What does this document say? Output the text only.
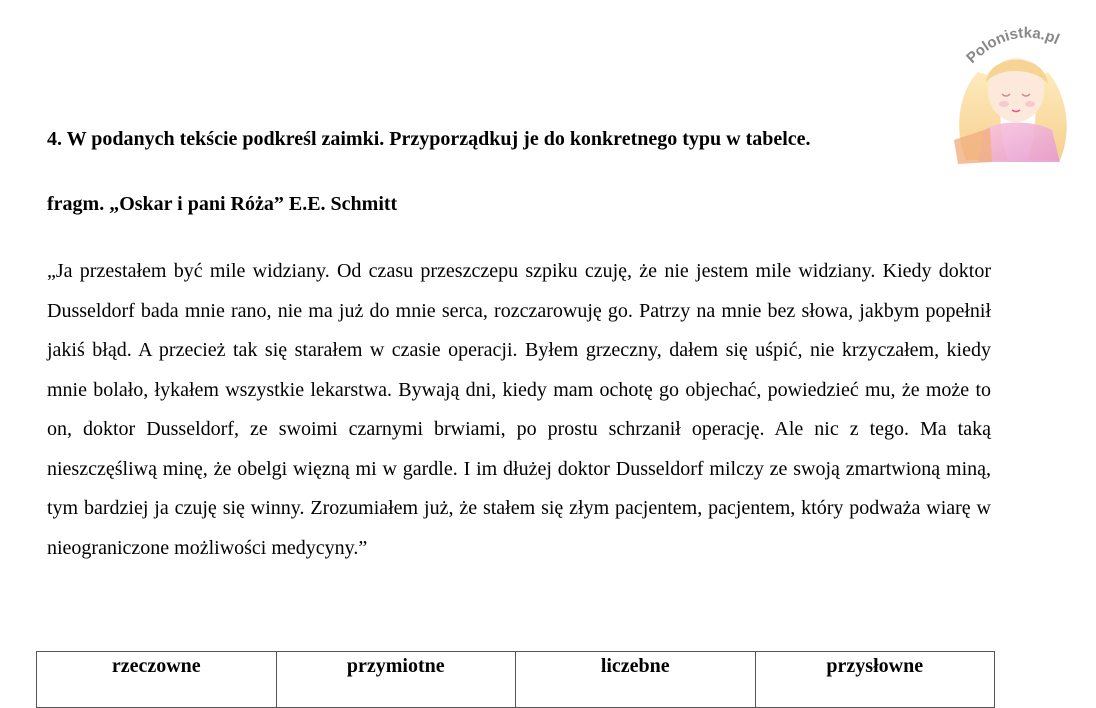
Polonistka.pl

4. W podanych tekście podkreśl zaimki. Przyporządkuj je do konkretnego typu w tabelce.

fragm. „Oskar i pani Róża” E.E. Schmitt

„Ja przestałem być mile widziany. Od czasu przeszczepu szpiku czuję, że nie jestem mile widziany. Kiedy doktor Dusseldorf bada mnie rano, nie ma już do mnie serca, rozczarowuję go. Patrzy na mnie bez słowa, jakbym popełnił jakiś błąd. A przecież tak się starałem w czasie operacji. Byłem grzeczny, dałem się uśpić, nie krzyczałem, kiedy mnie bolało, łykałem wszystkie lekarstwa. Bywają dni, kiedy mam ochotę go objechać, powiedzieć mu, że może to on, doktor Dusseldorf, ze swoimi czarnymi brwiami, po prostu schrzanił operację. Ale nic z tego. Ma taką nieszczęśliwą minę, że obelgi więzną mi w gardle. I im dłużej doktor Dusseldorf milczy ze swoją zmartwioną miną, tym bardziej ja czuję się winny. Zrozumiałem już, że stałem się złym pacjentem, pacjentem, który podważa wiarę w nieograniczone możliwości medycyny.”

rzeczowne	przymiotne	liczebne	przysłowne
